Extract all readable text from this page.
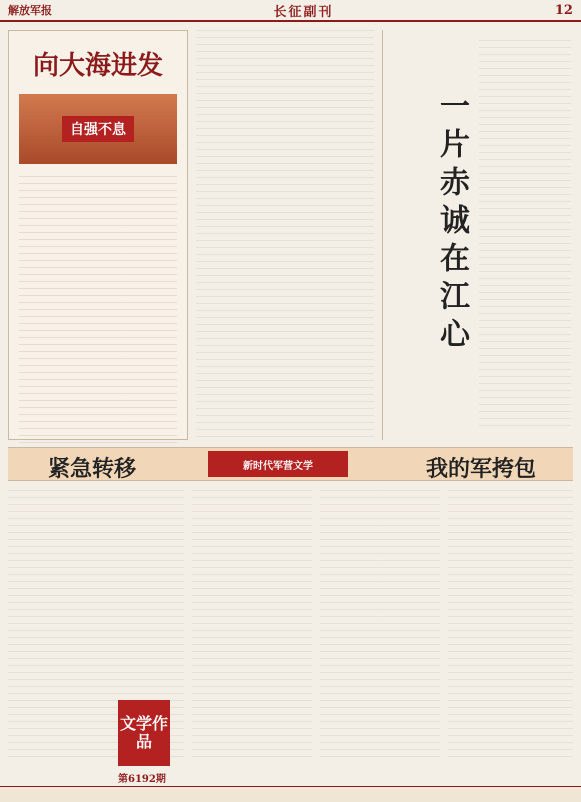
解放军报	长征副刊	12
向大海进发
自强不息	一片赤诚在江心
紧急转移	新时代军营文学	我的军挎包
文学作品
第6192期
